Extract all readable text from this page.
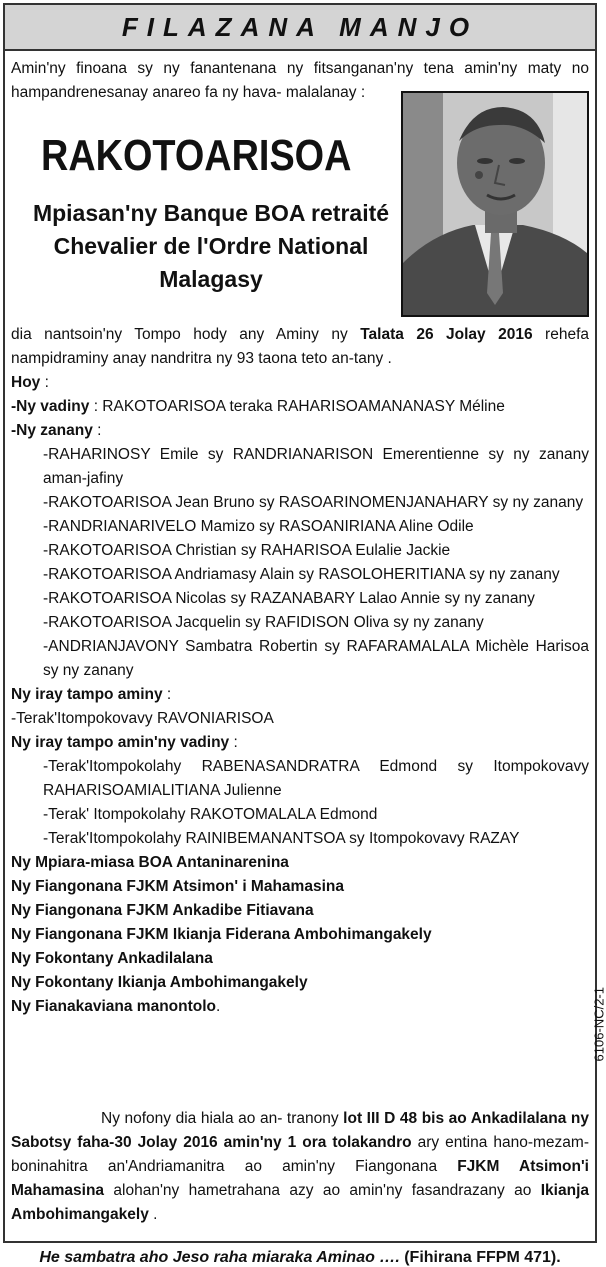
FILAZANA MANJO

Amin'ny finoana sy ny fanantenana ny fitsanganan'ny tena amin'ny maty no hampandrenesanay anareo fa ny hava- malalanay :

RAKOTOARISOA
Mpiasan'ny Banque BOA retraité
Chevalier de l'Ordre National
Malagasy

dia nantsoin'ny Tompo hody any Aminy ny Talata 26 Jolay 2016 rehefa nampidraminy anay nandritra ny 93 taona teto an-tany .

Hoy :

-Ny vadiny : RAKOTOARISOA teraka RAHARISOAMANANASY Méline

-Ny zanany :

-RAHARINOSY Emile sy RANDRIANARISON Emerentienne sy ny zanany aman-jafiny

-RAKOTOARISOA Jean Bruno sy RASOARINOMENJANAHARY sy ny zanany

-RANDRIANARIVELO Mamizo sy RASOANIRIANA Aline Odile

-RAKOTOARISOA Christian sy RAHARISOA Eulalie Jackie

-RAKOTOARISOA Andriamasy Alain sy RASOLOHERITIANA sy ny zanany

-RAKOTOARISOA Nicolas sy RAZANABARY Lalao Annie sy ny zanany

-RAKOTOARISOA Jacquelin sy RAFIDISON Oliva sy ny zanany

-ANDRIANJAVONY Sambatra Robertin sy RAFARAMALALA Michèle Harisoa sy ny zanany

Ny iray tampo aminy :

-Terak'Itompokovavy RAVONIARISOA

Ny iray tampo amin'ny vadiny :

-Terak'Itompokolahy RABENASANDRATRA Edmond sy Itompokovavy RAHARISOAMIALITIANA Julienne

-Terak' Itompokolahy RAKOTOMALALA Edmond

-Terak'Itompokolahy RAINIBEMANANTSOA sy Itompokovavy RAZAY

Ny Mpiara-miasa BOA Antaninarenina

Ny Fiangonana FJKM Atsimon' i Mahamasina

Ny Fiangonana FJKM Ankadibe Fitiavana

Ny Fiangonana FJKM Ikianja Fiderana Ambohimangakely

Ny Fokontany Ankadilalana

Ny Fokontany Ikianja Ambohimangakely

Ny Fianakaviana manontolo.	6106-NC/2-1

Ny nofony dia hiala ao an- tranony lot III D 48 bis ao Ankadilalana ny Sabotsy faha-30 Jolay 2016 amin'ny 1 ora tolakandro ary entina hano-mezam-boninahitra an'Andriamanitra ao amin'ny Fiangonana FJKM Atsimon'i Mahamasina alohan'ny hametrahana azy ao amin'ny fasandrazany ao Ikianja Ambohimangakely .

He sambatra aho Jeso raha miaraka Aminao …. (Fihirana FFPM 471).
